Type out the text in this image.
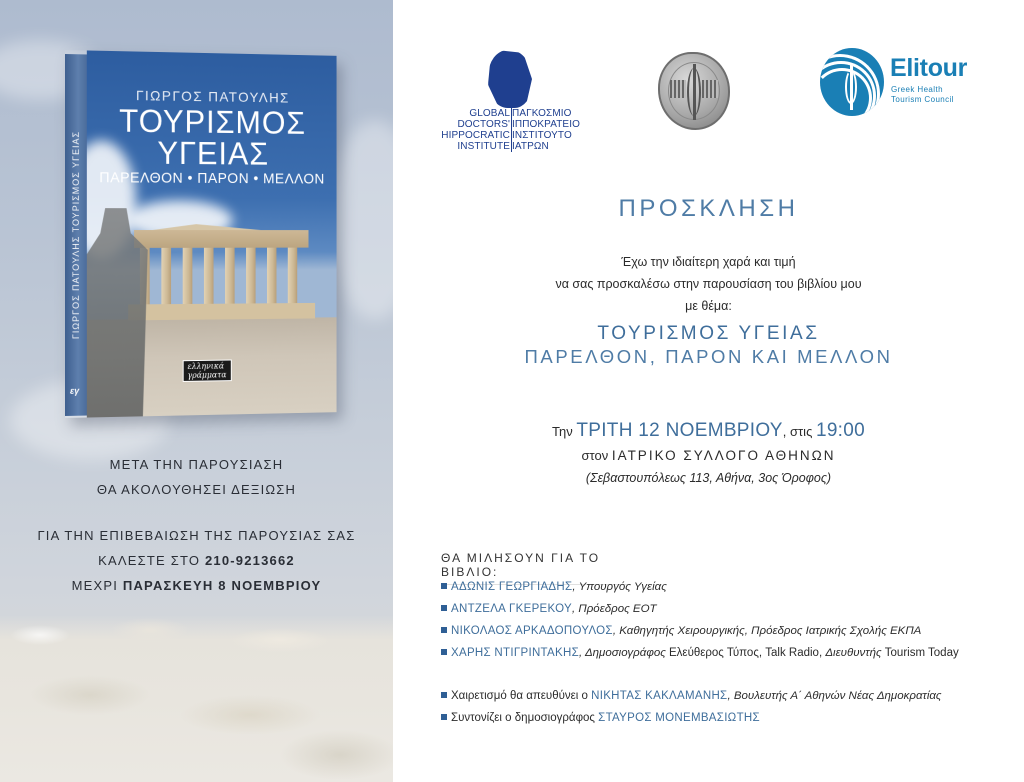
ΓΙΩΡΓΟΣ ΠΑΤΟΥΛΗΣ ΤΟΥΡΙΣΜΟΣ ΥΓΕΙΑΣ
εγ
ΓΙΩΡΓΟΣ ΠΑΤΟΥΛΗΣ
ΤΟΥΡΙΣΜΟΣ
ΥΓΕΙΑΣ
ΠΑΡΕΛΘΟΝ • ΠΑΡΟΝ • ΜΕΛΛΟΝ
ελληνικά
γράμματα
ΜΕΤΑ ΤΗΝ ΠΑΡΟΥΣΙΑΣΗ
ΘΑ ΑΚΟΛΟΥΘΗΣΕΙ ΔΕΞΙΩΣΗ
ΓΙΑ ΤΗΝ ΕΠΙΒΕΒΑΙΩΣΗ ΤΗΣ ΠΑΡΟΥΣΙΑΣ ΣΑΣ
ΚΑΛΕΣΤΕ ΣΤΟ 210-9213662
ΜΕΧΡΙ ΠΑΡΑΣΚΕΥΗ 8 ΝΟΕΜΒΡΙΟΥ
GLOBAL
DOCTORS'
HIPPOCRATIC
INSTITUTE
ΠΑΓΚΟΣΜΙΟ
ΙΠΠΟΚΡΑΤΕΙΟ
ΙΝΣΤΙΤΟΥΤΟ
ΙΑΤΡΩΝ
Elitour
Greek Health
Tourism Council
ΠΡΟΣΚΛΗΣΗ
Έχω την ιδιαίτερη χαρά και τιμή
να σας προσκαλέσω στην παρουσίαση του βιβλίου μου
με θέμα:
ΤΟΥΡΙΣΜΟΣ ΥΓΕΙΑΣ
ΠΑΡΕΛΘΟΝ, ΠΑΡΟΝ ΚΑΙ ΜΕΛΛΟΝ
Την ΤΡΙΤΗ 12 ΝΟΕΜΒΡΙΟΥ, στις 19:00
στον ΙΑΤΡΙΚΟ ΣΥΛΛΟΓΟ ΑΘΗΝΩΝ
(Σεβαστουπόλεως 113, Αθήνα, 3ος Όροφος)
ΘΑ ΜΙΛΗΣΟΥΝ ΓΙΑ ΤΟ ΒΙΒΛΙΟ:
ΑΔΩΝΙΣ ΓΕΩΡΓΙΑΔΗΣ, Υπουργός Υγείας
ΑΝΤΖΕΛΑ ΓΚΕΡΕΚΟΥ, Πρόεδρος ΕΟΤ
ΝΙΚΟΛΑΟΣ ΑΡΚΑΔΟΠΟΥΛΟΣ, Καθηγητής Χειρουργικής, Πρόεδρος Ιατρικής Σχολής ΕΚΠΑ
ΧΑΡΗΣ ΝΤΙΓΡΙΝΤΑΚΗΣ, Δημοσιογράφος Ελεύθερος Τύπος, Talk Radio, Διευθυντής Tourism Today
Χαιρετισμό θα απευθύνει ο ΝΙΚΗΤΑΣ ΚΑΚΛΑΜΑΝΗΣ, Βουλευτής Α΄ Αθηνών Νέας Δημοκρατίας
Συντονίζει ο δημοσιογράφος ΣΤΑΥΡΟΣ ΜΟΝΕΜΒΑΣΙΩΤΗΣ
